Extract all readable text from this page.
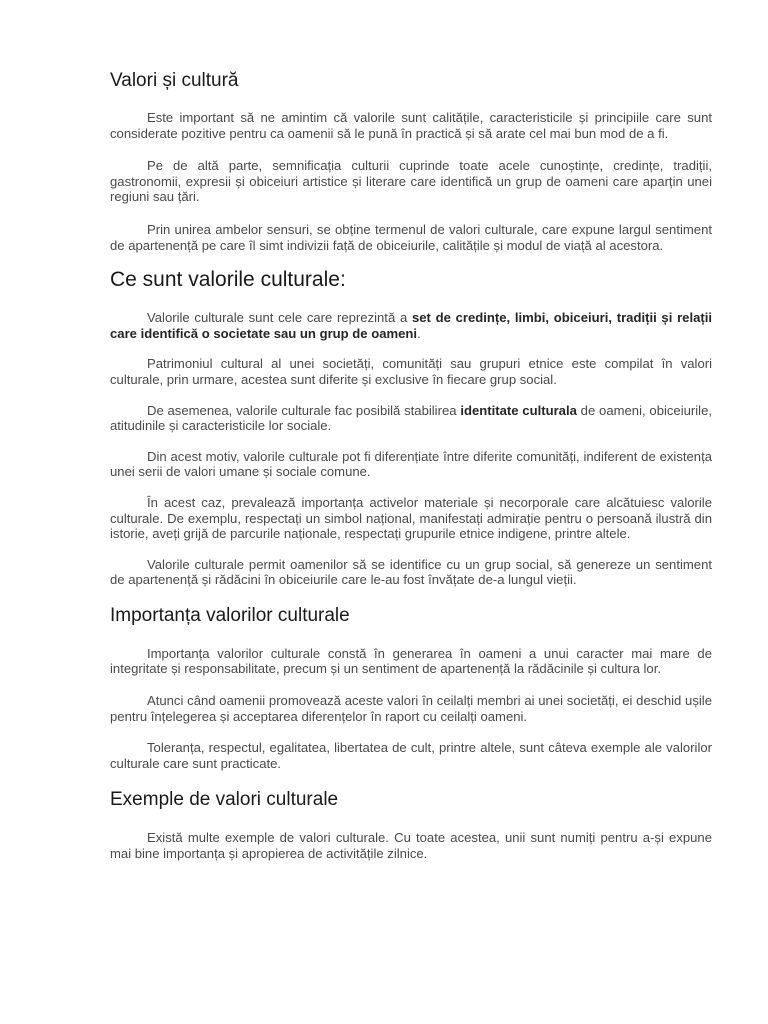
Valori și cultură

Este important să ne amintim că valorile sunt calitățile, caracteristicile și principiile care sunt considerate pozitive pentru ca oamenii să le pună în practică și să arate cel mai bun mod de a fi.

Pe de altă parte, semnificația culturii cuprinde toate acele cunoștințe, credințe, tradiții, gastronomii, expresii și obiceiuri artistice și literare care identifică un grup de oameni care aparțin unei regiuni sau țări.

Prin unirea ambelor sensuri, se obține termenul de valori culturale, care expune largul sentiment de apartenență pe care îl simt indivizii față de obiceiurile, calitățile și modul de viață al acestora.

Ce sunt valorile culturale:

Valorile culturale sunt cele care reprezintă a set de credințe, limbi, obiceiuri, tradiții și relații care identifică o societate sau un grup de oameni.

Patrimoniul cultural al unei societăți, comunități sau grupuri etnice este compilat în valori culturale, prin urmare, acestea sunt diferite și exclusive în fiecare grup social.

De asemenea, valorile culturale fac posibilă stabilirea identitate culturala de oameni, obiceiurile, atitudinile și caracteristicile lor sociale.

Din acest motiv, valorile culturale pot fi diferențiate între diferite comunități, indiferent de existența unei serii de valori umane și sociale comune.

În acest caz, prevalează importanța activelor materiale și necorporale care alcătuiesc valorile culturale. De exemplu, respectați un simbol național, manifestați admirație pentru o persoană ilustră din istorie, aveți grijă de parcurile naționale, respectați grupurile etnice indigene, printre altele.

Valorile culturale permit oamenilor să se identifice cu un grup social, să genereze un sentiment de apartenență și rădăcini în obiceiurile care le-au fost învățate de-a lungul vieții.

Importanța valorilor culturale

Importanța valorilor culturale constă în generarea în oameni a unui caracter mai mare de integritate și responsabilitate, precum și un sentiment de apartenență la rădăcinile și cultura lor.

Atunci când oamenii promovează aceste valori în ceilalți membri ai unei societăți, ei deschid ușile pentru înțelegerea și acceptarea diferențelor în raport cu ceilalți oameni.

Toleranța, respectul, egalitatea, libertatea de cult, printre altele, sunt câteva exemple ale valorilor culturale care sunt practicate.

Exemple de valori culturale

Există multe exemple de valori culturale. Cu toate acestea, unii sunt numiți pentru a-și expune mai bine importanța și apropierea de activitățile zilnice.
